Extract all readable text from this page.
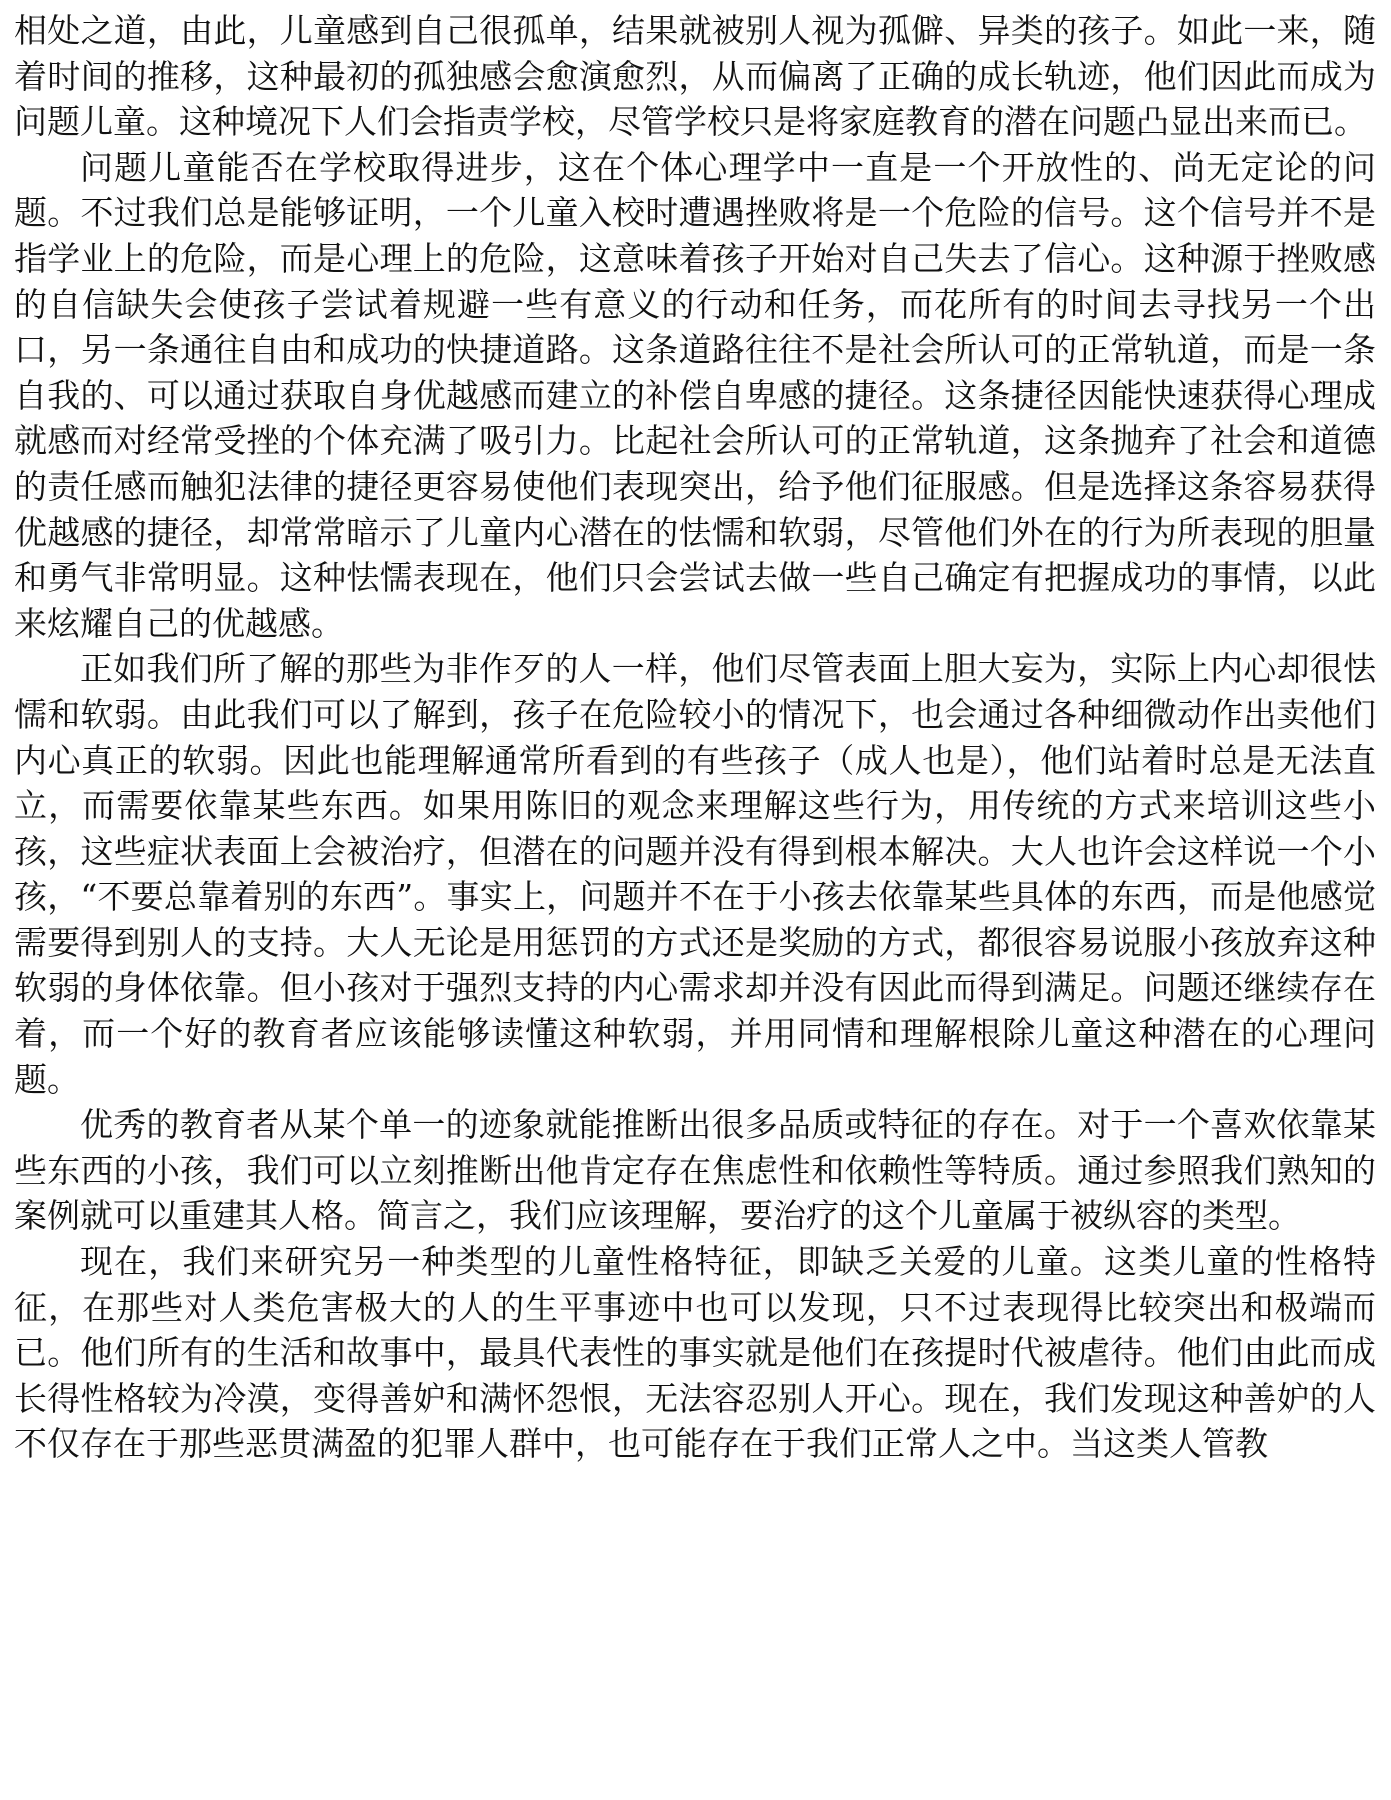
相处之道，由此，儿童感到自己很孤单，结果就被别人视为孤僻、异类的孩子。如此一来，随着时间的推移，这种最初的孤独感会愈演愈烈，从而偏离了正确的成长轨迹，他们因此而成为问题儿童。这种境况下人们会指责学校，尽管学校只是将家庭教育的潜在问题凸显出来而已。

问题儿童能否在学校取得进步，这在个体心理学中一直是一个开放性的、尚无定论的问题。不过我们总是能够证明，一个儿童入校时遭遇挫败将是一个危险的信号。这个信号并不是指学业上的危险，而是心理上的危险，这意味着孩子开始对自己失去了信心。这种源于挫败感的自信缺失会使孩子尝试着规避一些有意义的行动和任务，而花所有的时间去寻找另一个出口，另一条通往自由和成功的快捷道路。这条道路往往不是社会所认可的正常轨道，而是一条自我的、可以通过获取自身优越感而建立的补偿自卑感的捷径。这条捷径因能快速获得心理成就感而对经常受挫的个体充满了吸引力。比起社会所认可的正常轨道，这条抛弃了社会和道德的责任感而触犯法律的捷径更容易使他们表现突出，给予他们征服感。但是选择这条容易获得优越感的捷径，却常常暗示了儿童内心潜在的怯懦和软弱，尽管他们外在的行为所表现的胆量和勇气非常明显。这种怯懦表现在，他们只会尝试去做一些自己确定有把握成功的事情，以此来炫耀自己的优越感。

正如我们所了解的那些为非作歹的人一样，他们尽管表面上胆大妄为，实际上内心却很怯懦和软弱。由此我们可以了解到，孩子在危险较小的情况下，也会通过各种细微动作出卖他们内心真正的软弱。因此也能理解通常所看到的有些孩子（成人也是），他们站着时总是无法直立，而需要依靠某些东西。如果用陈旧的观念来理解这些行为，用传统的方式来培训这些小孩，这些症状表面上会被治疗，但潜在的问题并没有得到根本解决。大人也许会这样说一个小孩，“不要总靠着别的东西”。事实上，问题并不在于小孩去依靠某些具体的东西，而是他感觉需要得到别人的支持。大人无论是用惩罚的方式还是奖励的方式，都很容易说服小孩放弃这种软弱的身体依靠。但小孩对于强烈支持的内心需求却并没有因此而得到满足。问题还继续存在着，而一个好的教育者应该能够读懂这种软弱，并用同情和理解根除儿童这种潜在的心理问题。

优秀的教育者从某个单一的迹象就能推断出很多品质或特征的存在。对于一个喜欢依靠某些东西的小孩，我们可以立刻推断出他肯定存在焦虑性和依赖性等特质。通过参照我们熟知的案例就可以重建其人格。简言之，我们应该理解，要治疗的这个儿童属于被纵容的类型。

现在，我们来研究另一种类型的儿童性格特征，即缺乏关爱的儿童。这类儿童的性格特征，在那些对人类危害极大的人的生平事迹中也可以发现，只不过表现得比较突出和极端而已。他们所有的生活和故事中，最具代表性的事实就是他们在孩提时代被虐待。他们由此而成长得性格较为冷漠，变得善妒和满怀怨恨，无法容忍别人开心。现在，我们发现这种善妒的人不仅存在于那些恶贯满盈的犯罪人群中，也可能存在于我们正常人之中。当这类人管教
